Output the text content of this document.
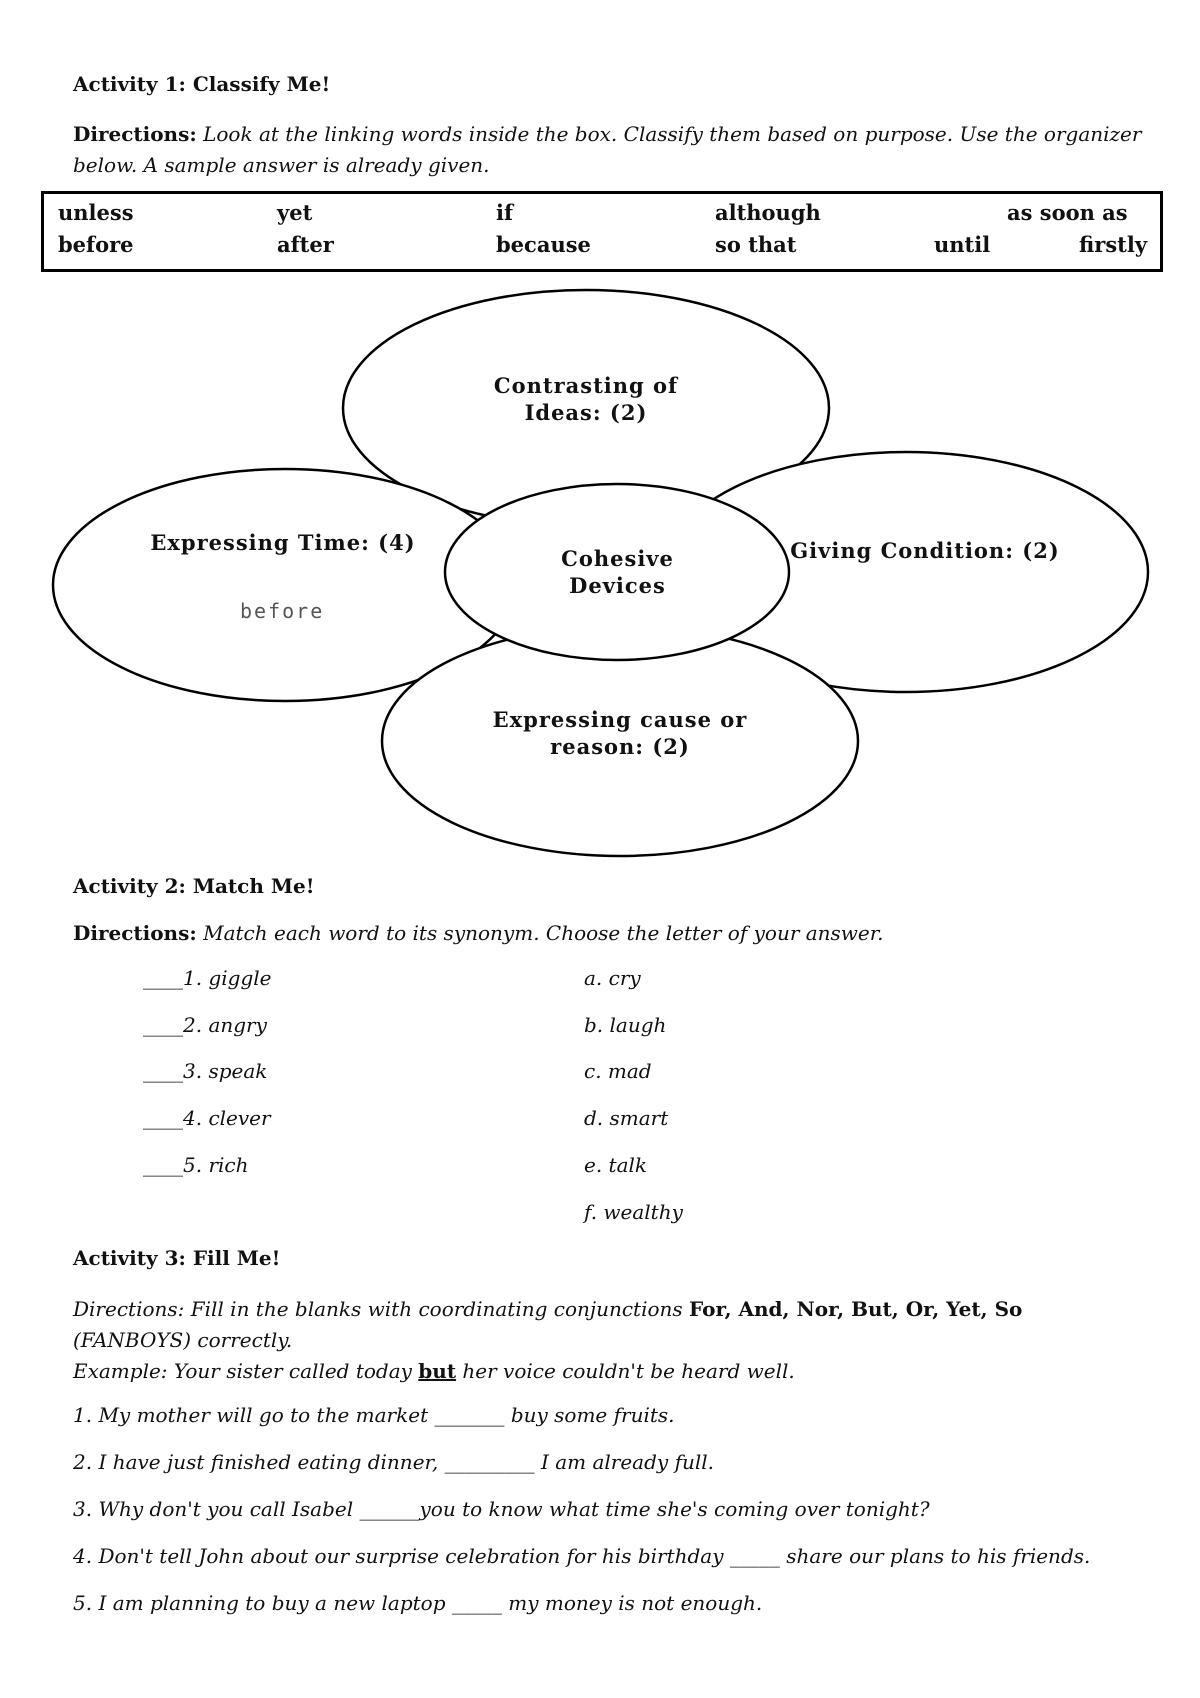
Activity 1: Classify Me!
Directions: Look at the linking words inside the box. Classify them based on purpose. Use the organizer below. A sample answer is already given.
unless	yet	if	although	as soon as
before	after	because	so that	until	firstly
Contrasting of Ideas: (2)
Expressing Time: (4)
before
Cohesive Devices
Giving Condition: (2)
Expressing cause or reason: (2)
Activity 2: Match Me!
Directions: Match each word to its synonym. Choose the letter of your answer.
____1. giggle
____2. angry
____3. speak
____4. clever
____5. rich
a. cry
b. laugh
c. mad
d. smart
e. talk
f. wealthy
Activity 3: Fill Me!
Directions: Fill in the blanks with coordinating conjunctions For, And, Nor, But, Or, Yet, So (FANBOYS) correctly.
Example: Your sister called today but her voice couldn't be heard well.
1. My mother will go to the market _______ buy some fruits.
2. I have just finished eating dinner, _________ I am already full.
3. Why don't you call Isabel ______you to know what time she's coming over tonight?
4. Don't tell John about our surprise celebration for his birthday _____ share our plans to his friends.
5. I am planning to buy a new laptop _____ my money is not enough.
